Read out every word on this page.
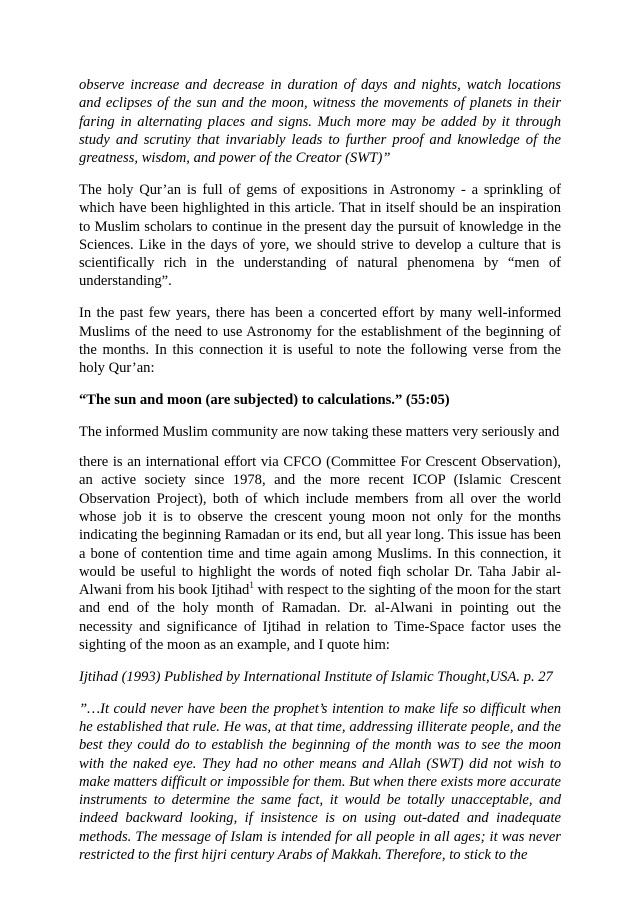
observe increase and decrease in duration of days and nights, watch locations and eclipses of the sun and the moon, witness the movements of planets in their faring in alternating places and signs. Much more may be added by it through study and scrutiny that invariably leads to further proof and knowledge of the greatness, wisdom, and power of the Creator (SWT)”

The holy Qur’an is full of gems of expositions in Astronomy - a sprinkling of which have been highlighted in this article. That in itself should be an inspiration to Muslim scholars to continue in the present day the pursuit of knowledge in the Sciences. Like in the days of yore, we should strive to develop a culture that is scientifically rich in the understanding of natural phenomena by “men of understanding”.

In the past few years, there has been a concerted effort by many well-informed Muslims of the need to use Astronomy for the establishment of the beginning of the months. In this connection it is useful to note the following verse from the holy Qur’an:

“The sun and moon (are subjected) to calculations.” (55:05)

The informed Muslim community are now taking these matters very seriously and

there is an international effort via CFCO (Committee For Crescent Observation), an active society since 1978, and the more recent ICOP (Islamic Crescent Observation Project), both of which include members from all over the world whose job it is to observe the crescent young moon not only for the months indicating the beginning Ramadan or its end, but all year long. This issue has been a bone of contention time and time again among Muslims. In this connection, it would be useful to highlight the words of noted fiqh scholar Dr. Taha Jabir al-Alwani from his book Ijtihad$^1$ with respect to the sighting of the moon for the start and end of the holy month of Ramadan. Dr. al-Alwani in pointing out the necessity and significance of Ijtihad in relation to Time-Space factor uses the sighting of the moon as an example, and I quote him:

Ijtihad (1993) Published by International Institute of Islamic Thought,USA. p. 27

”…It could never have been the prophet’s intention to make life so difficult when he established that rule. He was, at that time, addressing illiterate people, and the best they could do to establish the beginning of the month was to see the moon with the naked eye. They had no other means and Allah (SWT) did not wish to make matters difficult or impossible for them. But when there exists more accurate instruments to determine the same fact, it would be totally unacceptable, and indeed backward looking, if insistence is on using out-dated and inadequate methods. The message of Islam is intended for all people in all ages; it was never restricted to the first hijri century Arabs of Makkah. Therefore, to stick to the
